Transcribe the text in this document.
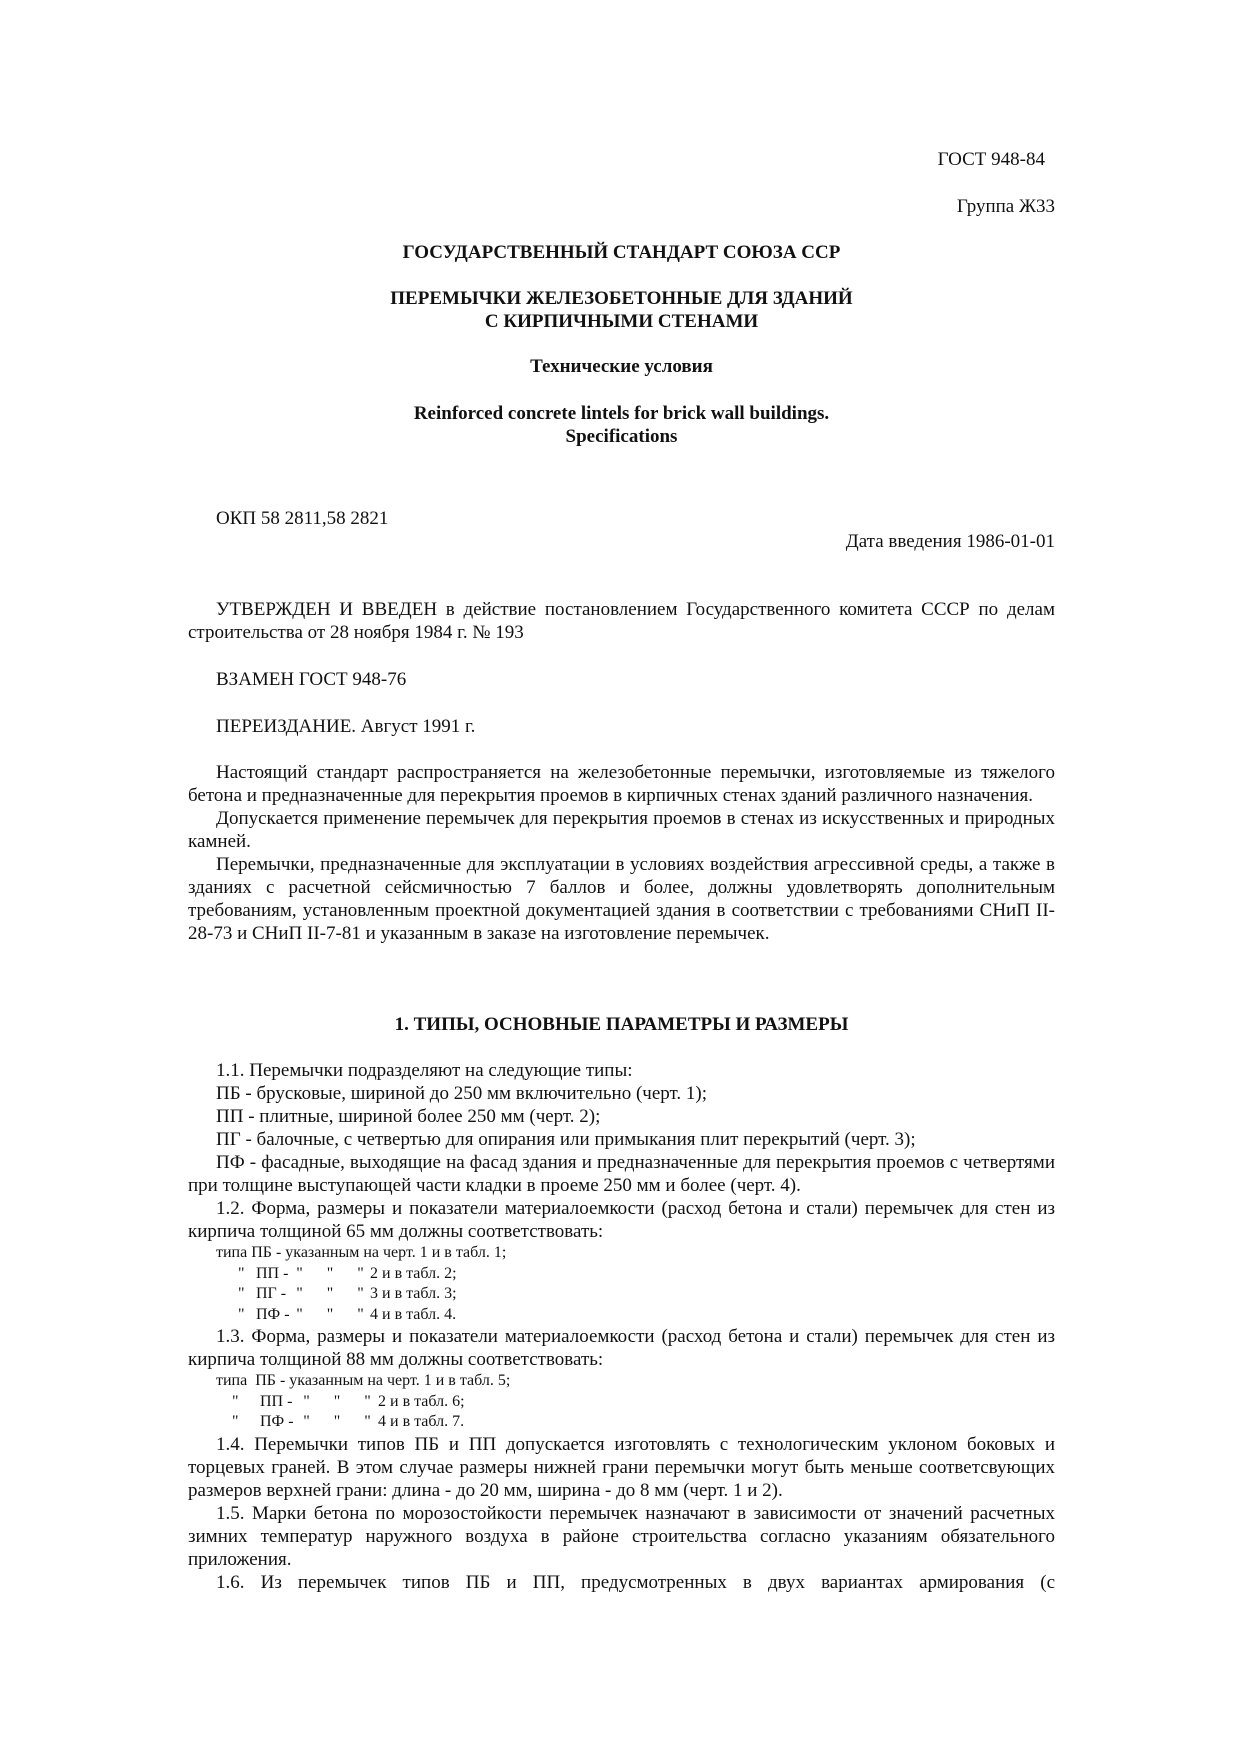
ГОСТ 948-84
Группа Ж33
ГОСУДАРСТВЕННЫЙ СТАНДАРТ СОЮЗА ССР
ПЕРЕМЫЧКИ ЖЕЛЕЗОБЕТОННЫЕ ДЛЯ ЗДАНИЙ
С КИРПИЧНЫМИ СТЕНАМИ
Технические условия
Reinforced concrete lintels for brick wall buildings.
Specifications
ОКП 58 2811,58 2821
Дата введения 1986-01-01

УТВЕРЖДЕН И ВВЕДЕН в действие постановлением Государственного комитета СССР по делам строительства от 28 ноября 1984 г. № 193

ВЗАМЕН ГОСТ 948-76

ПЕРЕИЗДАНИЕ. Август 1991 г.

Настоящий стандарт распространяется на железобетонные перемычки, изготовляемые из тяжелого бетона и предназначенные для перекрытия проемов в кирпичных стенах зданий различного назначения.

Допускается применение перемычек для перекрытия проемов в стенах из искусственных и природных камней.

Перемычки, предназначенные для эксплуатации в условиях воздействия агрессивной среды, а также в зданиях с расчетной сейсмичностью 7 баллов и более, должны удовлетворять дополнительным требованиям, установленным проектной документацией здания в соответствии с требованиями СНиП II-28-73 и СНиП II-7-81 и указанным в заказе на изготовление перемычек.

1. ТИПЫ, ОСНОВНЫЕ ПАРАМЕТРЫ И РАЗМЕРЫ

1.1. Перемычки подразделяют на следующие типы:

ПБ - брусковые, шириной до 250 мм включительно (черт. 1);

ПП - плитные, шириной более 250 мм (черт. 2);

ПГ - балочные, с четвертью для опирания или примыкания плит перекрытий (черт. 3);

ПФ - фасадные, выходящие на фасад здания и предназначенные для перекрытия проемов с четвертями при толщине выступающей части кладки в проеме 250 мм и более (черт. 4).

1.2. Форма, размеры и показатели материалоемкости (расход бетона и стали) перемычек для стен из кирпича толщиной 65 мм должны соответствовать:

типа ПБ - указанным на черт. 1 и в табл. 1;

" ПП - "      "      " 2 и в табл. 2;

" ПГ - "      "      " 3 и в табл. 3;

" ПФ - "      "      " 4 и в табл. 4.

1.3. Форма, размеры и показатели материалоемкости (расход бетона и стали) перемычек для стен из кирпича толщиной 88 мм должны соответствовать:

типа  ПБ - указанным на черт. 1 и в табл. 5;

" ПП - "      "      " 2 и в табл. 6;

" ПФ - "      "      " 4 и в табл. 7.

1.4. Перемычки типов ПБ и ПП допускается изготовлять с технологическим уклоном боковых и торцевых граней. В этом случае размеры нижней грани перемычки могут быть меньше соответсвующих размеров верхней грани: длина - до 20 мм, ширина - до 8 мм (черт. 1 и 2).

1.5. Марки бетона по морозостойкости перемычек назначают в зависимости от значений расчетных зимних температур наружного воздуха в районе строительства согласно указаниям обязательного приложения.

1.6. Из перемычек типов ПБ и ПП, предусмотренных в двух вариантах армирования (с
